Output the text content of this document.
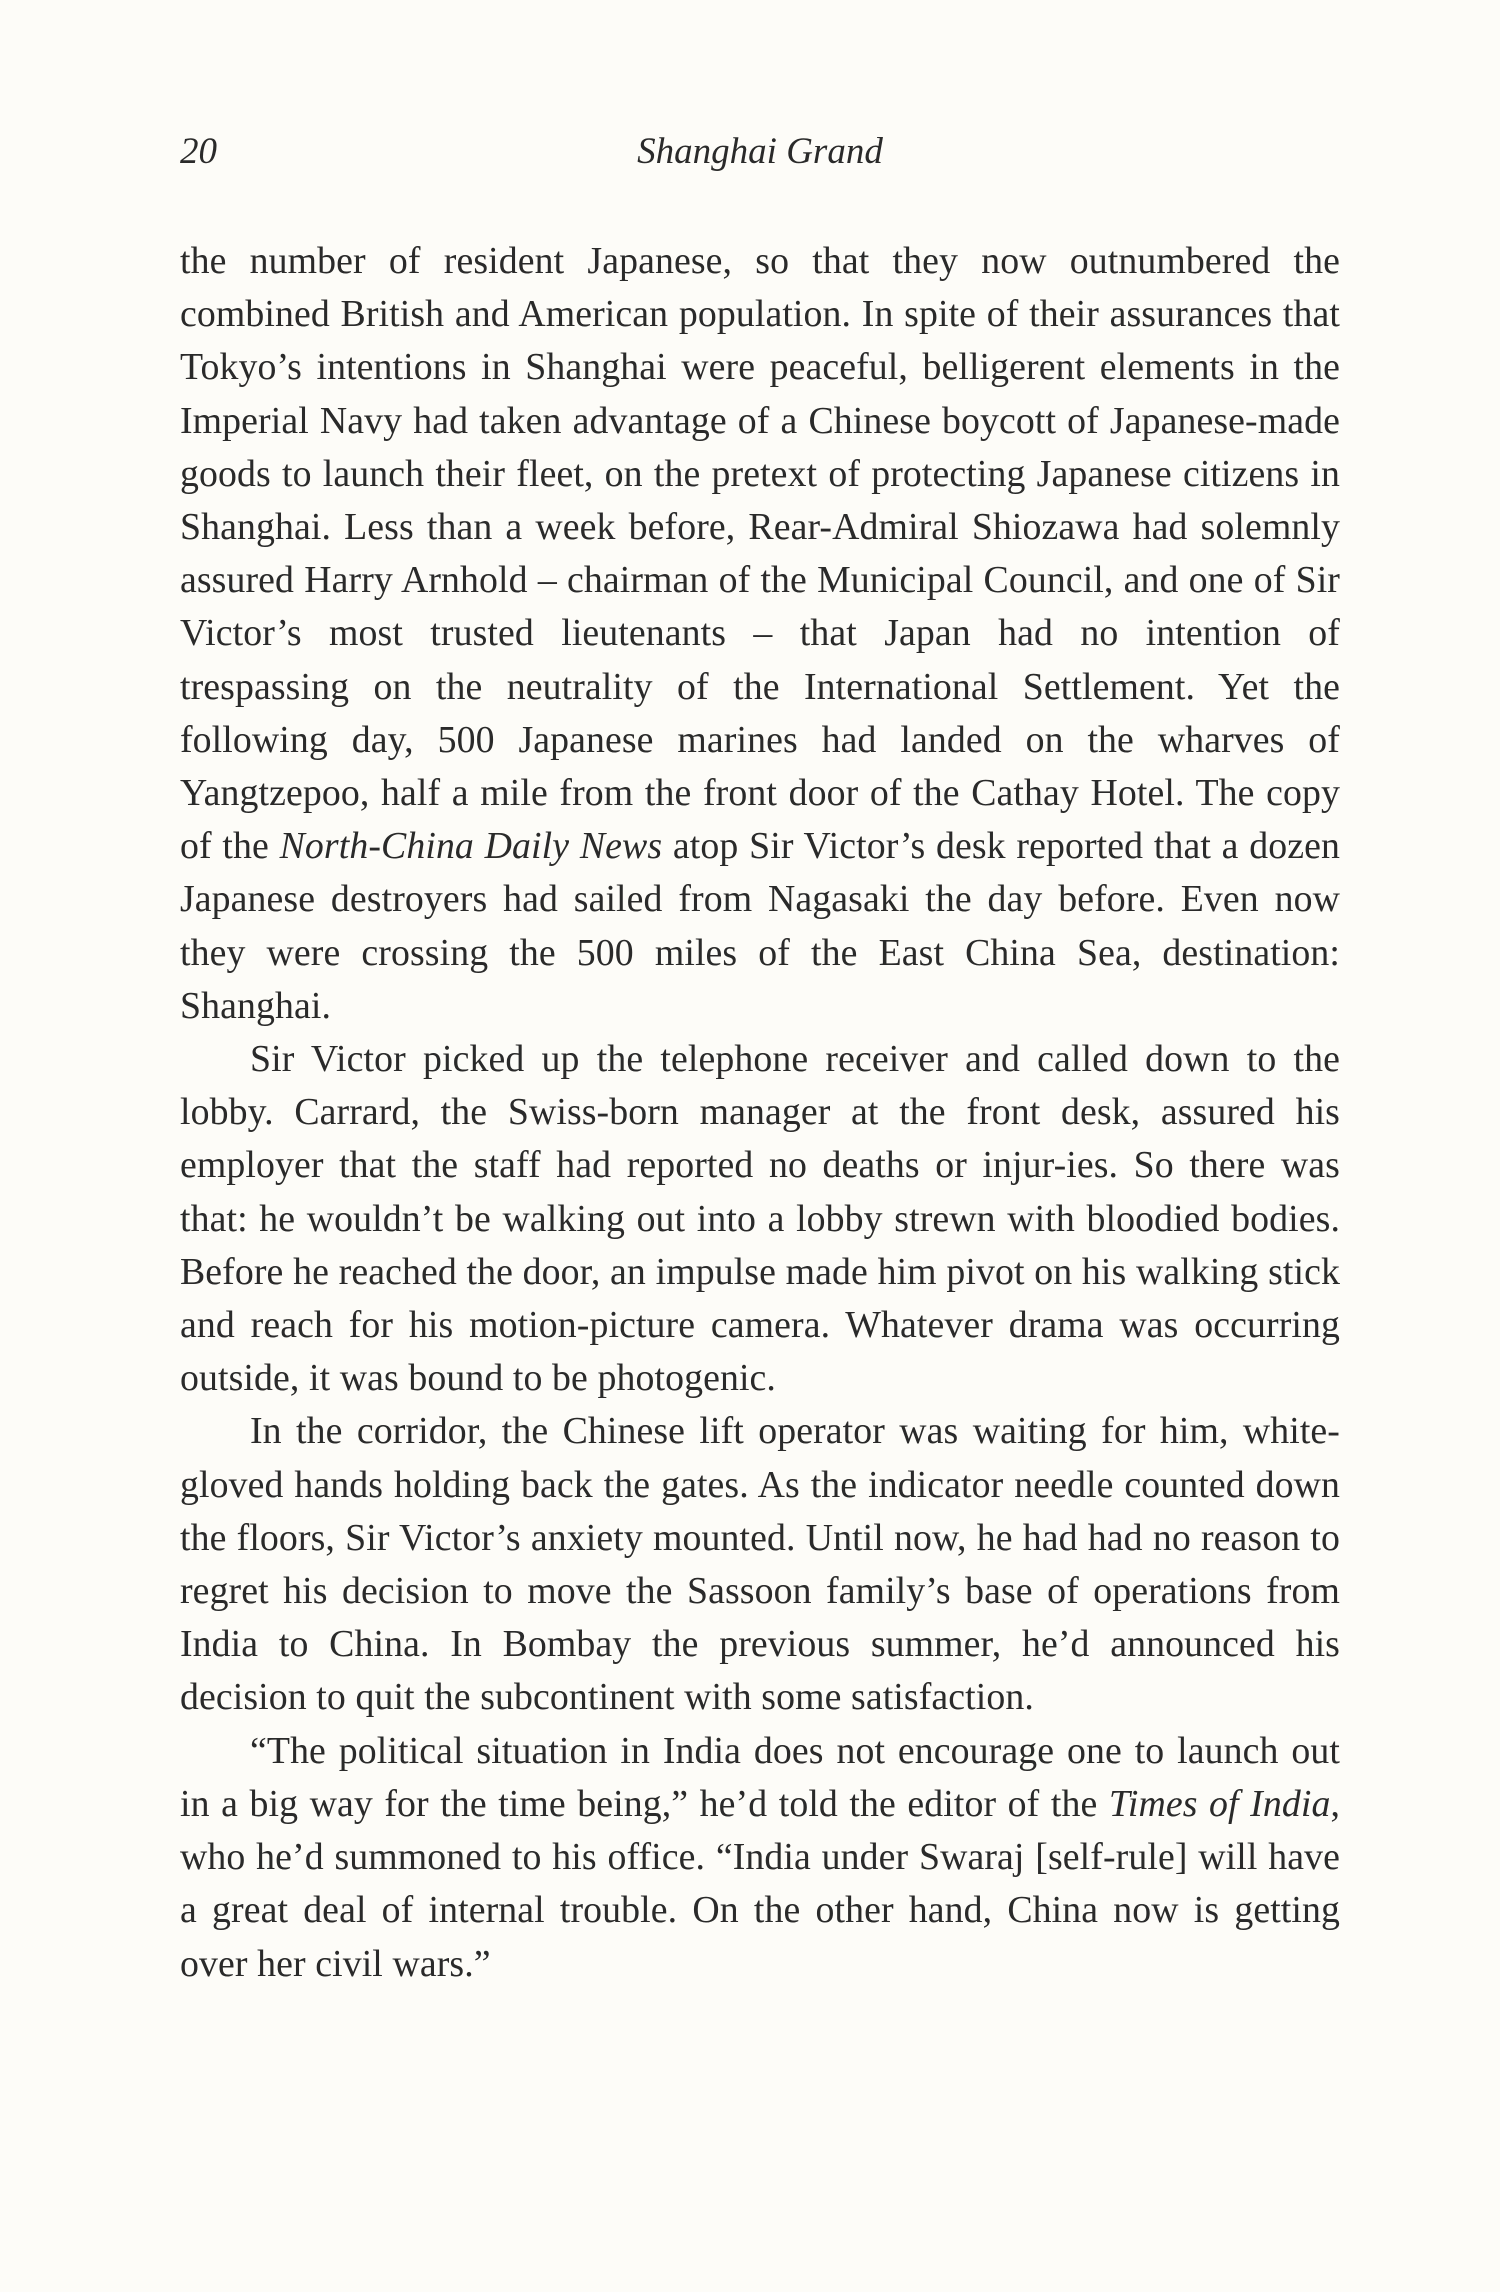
20	Shanghai Grand

the number of resident Japanese, so that they now outnumbered the combined British and American population. In spite of their assurances that Tokyo’s intentions in Shanghai were peaceful, belligerent elements in the Imperial Navy had taken advantage of a Chinese boycott of Japanese-made goods to launch their fleet, on the pretext of protecting Japanese citizens in Shanghai. Less than a week before, Rear-Admiral Shiozawa had solemnly assured Harry Arnhold – chairman of the Municipal Council, and one of Sir Victor’s most trusted lieutenants – that Japan had no intention of trespassing on the neutrality of the International Settlement. Yet the following day, 500 Japanese marines had landed on the wharves of Yangtzepoo, half a mile from the front door of the Cathay Hotel. The copy of the North-China Daily News atop Sir Victor’s desk reported that a dozen Japanese destroyers had sailed from Nagasaki the day before. Even now they were crossing the 500 miles of the East China Sea, destination: Shanghai.

Sir Victor picked up the telephone receiver and called down to the lobby. Carrard, the Swiss-born manager at the front desk, assured his employer that the staff had reported no deaths or injur-ies. So there was that: he wouldn’t be walking out into a lobby strewn with bloodied bodies. Before he reached the door, an impulse made him pivot on his walking stick and reach for his motion-picture camera. Whatever drama was occurring outside, it was bound to be photogenic.

In the corridor, the Chinese lift operator was waiting for him, white-gloved hands holding back the gates. As the indicator needle counted down the floors, Sir Victor’s anxiety mounted. Until now, he had had no reason to regret his decision to move the Sassoon family’s base of operations from India to China. In Bombay the previous summer, he’d announced his decision to quit the subcontinent with some satisfaction.

“The political situation in India does not encourage one to launch out in a big way for the time being,” he’d told the editor of the Times of India, who he’d summoned to his office. “India under Swaraj [self-rule] will have a great deal of internal trouble. On the other hand, China now is getting over her civil wars.”
